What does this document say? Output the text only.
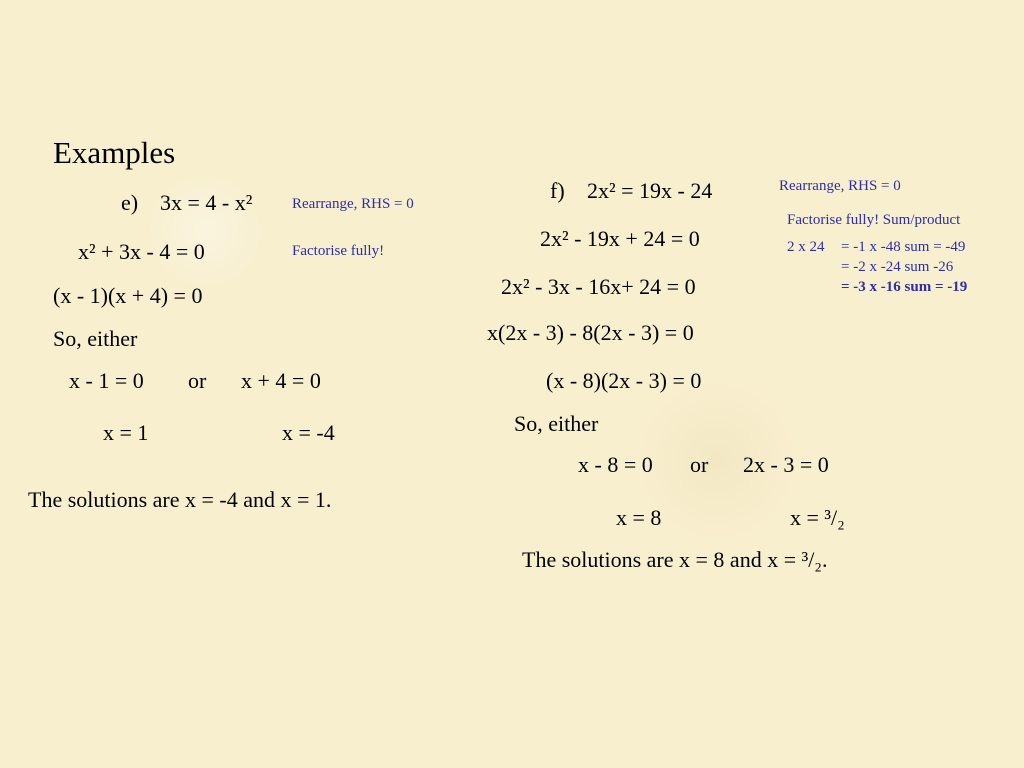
Examples
e) 3x = 4 - x²	Rearrange, RHS = 0
x² + 3x - 4 = 0	Factorise fully!
(x - 1)(x + 4) = 0
So, either
x - 1 = 0 or x + 4 = 0
x = 1	x = -4
The solutions are x = -4 and x = 1.
f) 2x² = 19x - 24	Rearrange, RHS = 0
Factorise fully! Sum/product
2x² - 19x + 24 = 0	2 x 24 = -1 x -48 sum = -49
= -2 x -24 sum -26
= -3 x -16 sum = -19
2x² - 3x - 16x+ 24 = 0
x(2x - 3) - 8(2x - 3) = 0
(x - 8)(2x - 3) = 0
So, either
x - 8 = 0 or 2x - 3 = 0
x = 8	x = ³/₂
The solutions are x = 8 and x = ³/₂.
